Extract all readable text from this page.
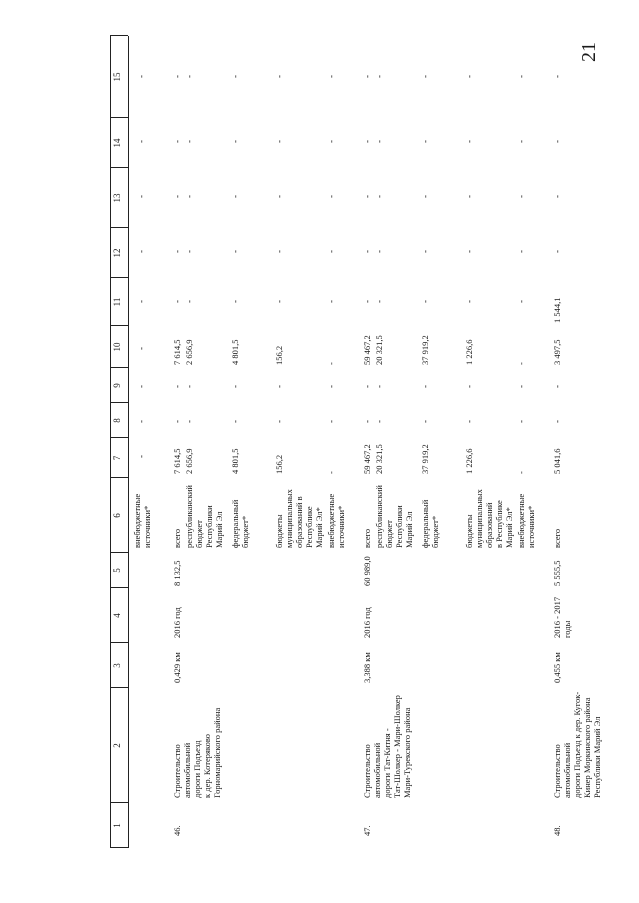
21
1
2
3
4
5
6
7
8
9
10
11
12
13
14
15
внебюджетные
источники*
-
-
-
-
-
-
-
-
-
46.
Строительство автомобильной
дороги Подъезд
к дер. Котеряково
Горномарийского района
0,429 км
2016 год
8 132,5
всего
7 614,5
7 614,5
-
-
-
-
-
-
-
республиканский
бюджет
Республики
Марий Эл
2 656,9
2 656,9
-
-
-
-
-
-
-
федеральный
бюджет*
4 801,5
4 801,5
-
-
-
-
-
-
-
бюджеты
муниципальных
образований в
Республике
Марий Эл*
156,2
156,2
-
-
-
-
-
-
-
внебюджетные
источники*
-
-
-
-
-
-
-
-
-
47.
Строительство автомобильной
дороги Тат-Китня -
Тат-Шолкер - Мари-Шолкер
Мари-Турекского района
3,388 км
2016 год
60 989,0
всего
59 467,2
59 467,2
-
-
-
-
-
-
-
республиканский
бюджет
Республики
Марий Эл
20 321,5
20 321,5
-
-
-
-
-
-
-
федеральный
бюджет*
37 919,2
37 919,2
-
-
-
-
-
-
-
бюджеты
муниципальных
образований
в Республике
Марий Эл*
1 226,6
1 226,6
-
-
-
-
-
-
-
внебюджетные
источники*
-
-
-
-
-
-
-
-
-
48.
Строительство автомобильной
дороги Подъезд к дер. Кугок-
Кинер Моркинского района
Республики Марий Эл
0,455 км
2016 - 2017
годы
5 555,5
всего
5 041,6
3 497,5
1 544,1
-
-
-
-
-
-
